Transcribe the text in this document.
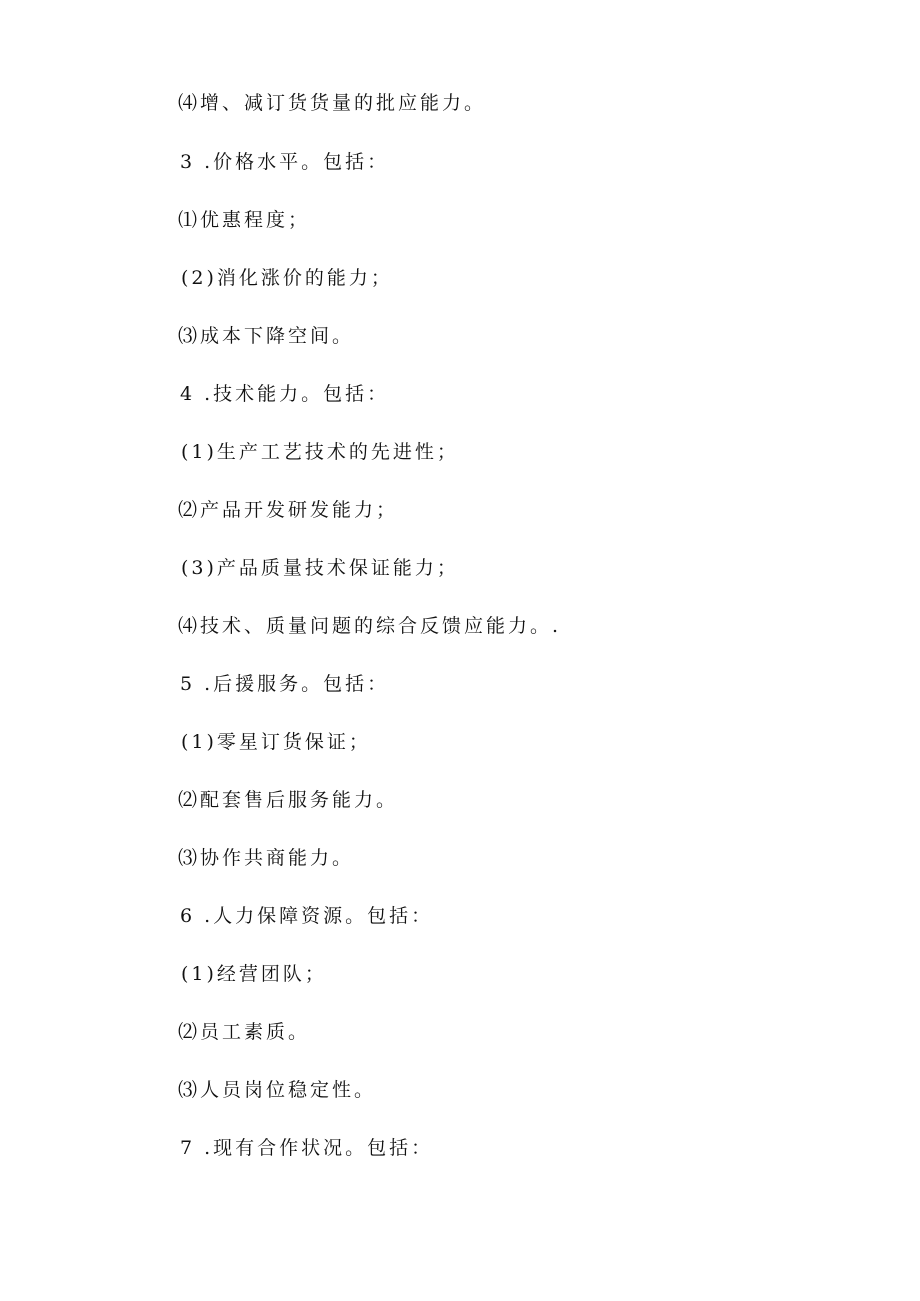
⑷增、减订货货量的批应能力。
3 .价格水平。包括：
⑴优惠程度；
(2)消化涨价的能力；
⑶成本下降空间。
4 .技术能力。包括：
(1)生产工艺技术的先进性；
⑵产品开发研发能力；
(3)产品质量技术保证能力；
⑷技术、质量问题的综合反馈应能力。.
5 .后援服务。包括：
(1)零星订货保证；
⑵配套售后服务能力。
⑶协作共商能力。
6 .人力保障资源。包括：
(1)经营团队；
⑵员工素质。
⑶人员岗位稳定性。
7 .现有合作状况。包括：
